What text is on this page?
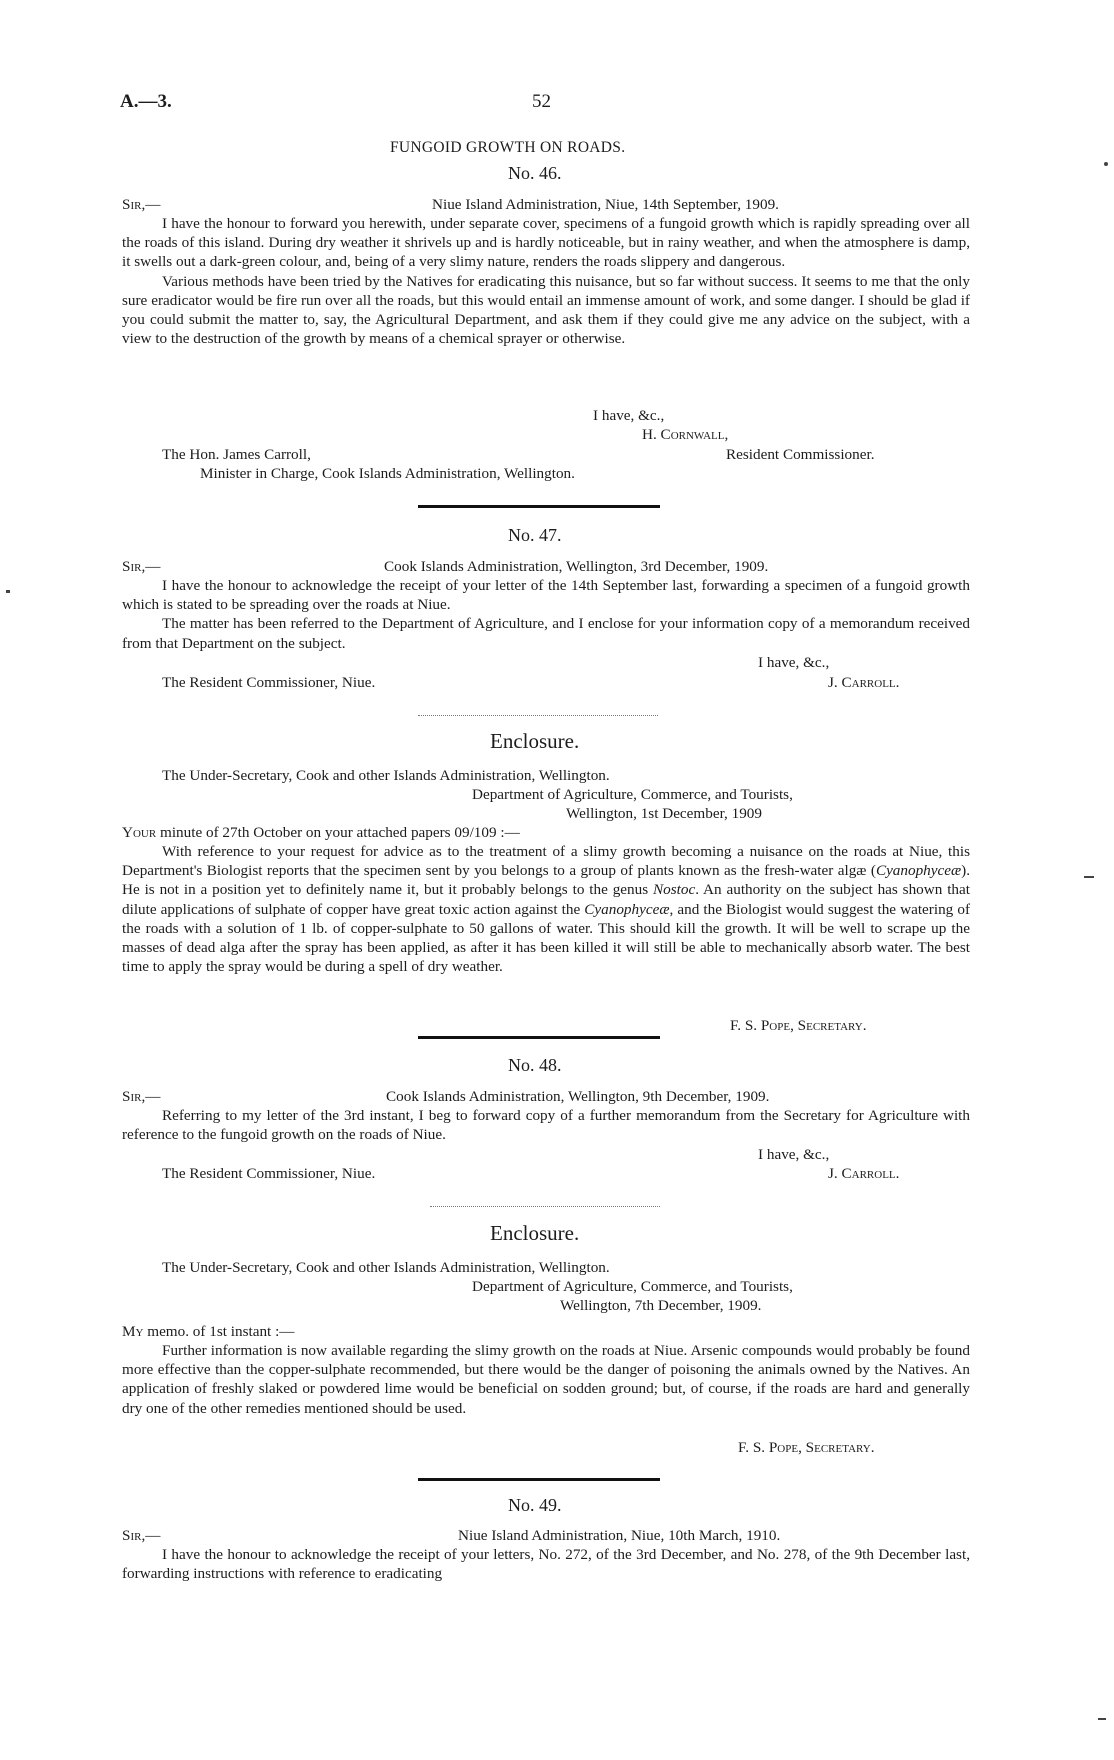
A.—3.	52
FUNGOID GROWTH ON ROADS.
No. 46.
Sir,—	Niue Island Administration, Niue, 14th September, 1909.

I have the honour to forward you herewith, under separate cover, specimens of a fungoid growth which is rapidly spreading over all the roads of this island. During dry weather it shrivels up and is hardly noticeable, but in rainy weather, and when the atmosphere is damp, it swells out a dark-green colour, and, being of a very slimy nature, renders the roads slippery and dangerous.

Various methods have been tried by the Natives for eradicating this nuisance, but so far without success. It seems to me that the only sure eradicator would be fire run over all the roads, but this would entail an immense amount of work, and some danger. I should be glad if you could submit the matter to, say, the Agricultural Department, and ask them if they could give me any advice on the subject, with a view to the destruction of the growth by means of a chemical sprayer or otherwise.

I have, &c.,
H. Cornwall,
The Hon. James Carroll,	Resident Commissioner.
Minister in Charge, Cook Islands Administration, Wellington.
No. 47.
Sir,—	Cook Islands Administration, Wellington, 3rd December, 1909.

I have the honour to acknowledge the receipt of your letter of the 14th September last, forwarding a specimen of a fungoid growth which is stated to be spreading over the roads at Niue.

The matter has been referred to the Department of Agriculture, and I enclose for your information copy of a memorandum received from that Department on the subject.

I have, &c.,
The Resident Commissioner, Niue.	J. Carroll.
Enclosure.
The Under-Secretary, Cook and other Islands Administration, Wellington.
Department of Agriculture, Commerce, and Tourists,
Wellington, 1st December, 1909
Your minute of 27th October on your attached papers 09/109 :—

With reference to your request for advice as to the treatment of a slimy growth becoming a nuisance on the roads at Niue, this Department's Biologist reports that the specimen sent by you belongs to a group of plants known as the fresh-water algæ (Cyanophyceæ). He is not in a position yet to definitely name it, but it probably belongs to the genus Nostoc. An authority on the subject has shown that dilute applications of sulphate of copper have great toxic action against the Cyanophyceæ, and the Biologist would suggest the watering of the roads with a solution of 1 lb. of copper-sulphate to 50 gallons of water. This should kill the growth. It will be well to scrape up the masses of dead alga after the spray has been applied, as after it has been killed it will still be able to mechanically absorb water. The best time to apply the spray would be during a spell of dry weather.

F. S. Pope, Secretary.
No. 48.
Sir,—	Cook Islands Administration, Wellington, 9th December, 1909.

Referring to my letter of the 3rd instant, I beg to forward copy of a further memorandum from the Secretary for Agriculture with reference to the fungoid growth on the roads of Niue.

I have, &c.,
The Resident Commissioner, Niue.	J. Carroll.
Enclosure.
The Under-Secretary, Cook and other Islands Administration, Wellington.
Department of Agriculture, Commerce, and Tourists,
Wellington, 7th December, 1909.
My memo. of 1st instant :—

Further information is now available regarding the slimy growth on the roads at Niue. Arsenic compounds would probably be found more effective than the copper-sulphate recommended, but there would be the danger of poisoning the animals owned by the Natives. An application of freshly slaked or powdered lime would be beneficial on sodden ground; but, of course, if the roads are hard and generally dry one of the other remedies mentioned should be used.

F. S. Pope, Secretary.
No. 49.
Sir,—	Niue Island Administration, Niue, 10th March, 1910.

I have the honour to acknowledge the receipt of your letters, No. 272, of the 3rd December, and No. 278, of the 9th December last, forwarding instructions with reference to eradicating
